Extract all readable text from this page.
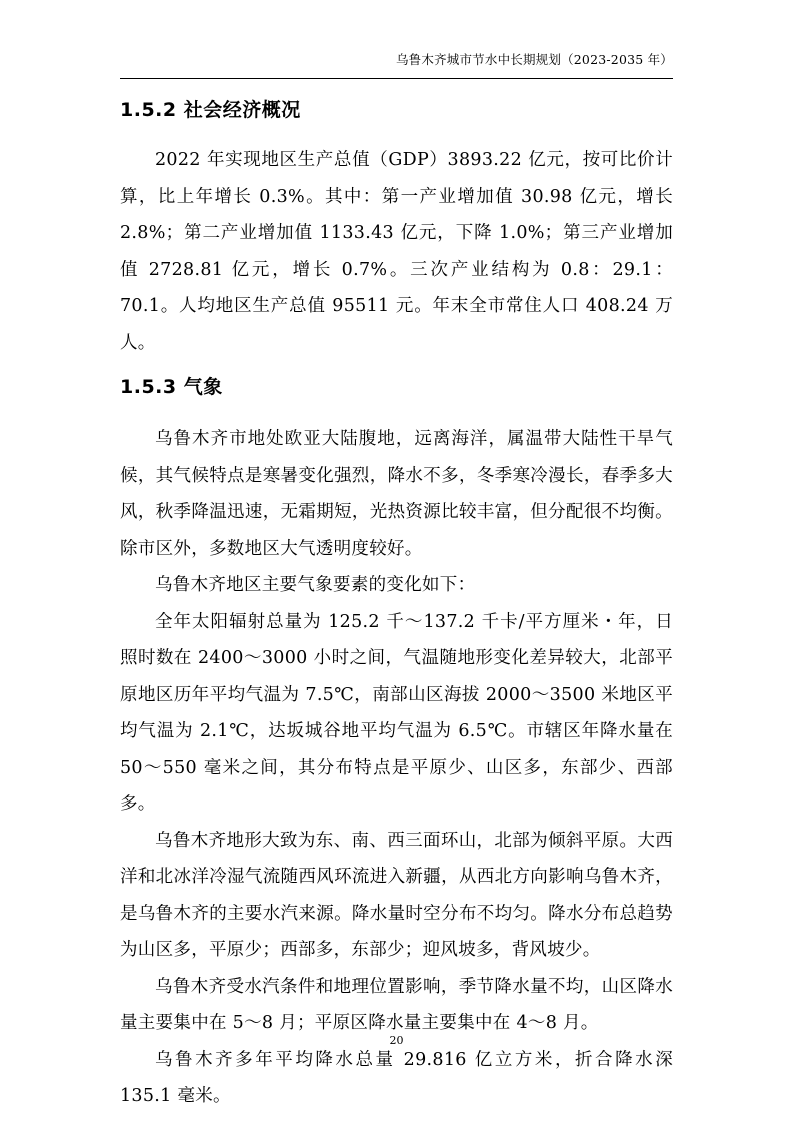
乌鲁木齐城市节水中长期规划（2023-2035 年）
1.5.2 社会经济概况

2022 年实现地区生产总值（GDP）3893.22 亿元，按可比价计算，比上年增长 0.3%。其中：第一产业增加值 30.98 亿元，增长 2.8%；第二产业增加值 1133.43 亿元，下降 1.0%；第三产业增加值 2728.81 亿元，增长 0.7%。三次产业结构为 0.8：29.1：70.1。人均地区生产总值 95511 元。年末全市常住人口 408.24 万人。

1.5.3 气象

乌鲁木齐市地处欧亚大陆腹地，远离海洋，属温带大陆性干旱气候，其气候特点是寒暑变化强烈，降水不多，冬季寒冷漫长，春季多大风，秋季降温迅速，无霜期短，光热资源比较丰富，但分配很不均衡。除市区外，多数地区大气透明度较好。

乌鲁木齐地区主要气象要素的变化如下：

全年太阳辐射总量为 125.2 千～137.2 千卡/平方厘米・年，日照时数在 2400～3000 小时之间，气温随地形变化差异较大，北部平原地区历年平均气温为 7.5℃，南部山区海拔 2000～3500 米地区平均气温为 2.1℃，达坂城谷地平均气温为 6.5℃。市辖区年降水量在 50～550 毫米之间，其分布特点是平原少、山区多，东部少、西部多。

乌鲁木齐地形大致为东、南、西三面环山，北部为倾斜平原。大西洋和北冰洋冷湿气流随西风环流进入新疆，从西北方向影响乌鲁木齐，是乌鲁木齐的主要水汽来源。降水量时空分布不均匀。降水分布总趋势为山区多，平原少；西部多，东部少；迎风坡多，背风坡少。

乌鲁木齐受水汽条件和地理位置影响，季节降水量不均，山区降水量主要集中在 5～8 月；平原区降水量主要集中在 4～8 月。

乌鲁木齐多年平均降水总量 29.816 亿立方米，折合降水深 135.1 毫米。

20
